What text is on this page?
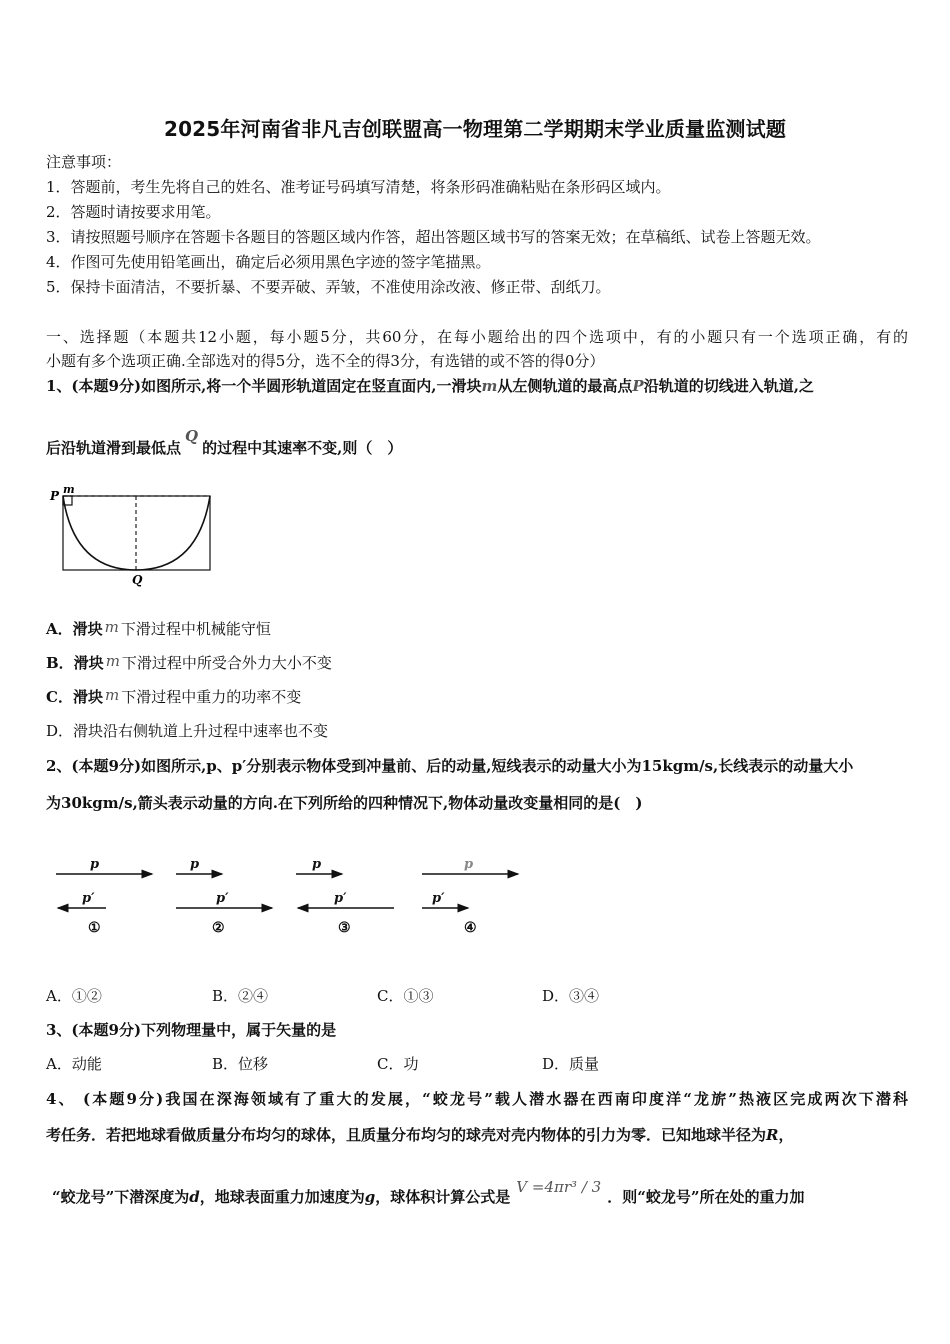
2025年河南省非凡吉创联盟高一物理第二学期期末学业质量监测试题
注意事项：
1．答题前，考生先将自己的姓名、准考证号码填写清楚，将条形码准确粘贴在条形码区域内。
2．答题时请按要求用笔。
3．请按照题号顺序在答题卡各题目的答题区域内作答，超出答题区域书写的答案无效；在草稿纸、试卷上答题无效。
4．作图可先使用铅笔画出，确定后必须用黑色字迹的签字笔描黑。
5．保持卡面清洁，不要折暴、不要弄破、弄皱，不准使用涂改液、修正带、刮纸刀。
一、选择题（本题共12小题，每小题5分，共60分，在每小题给出的四个选项中，有的小题只有一个选项正确，有的
小题有多个选项正确.全部选对的得5分，选不全的得3分，有选错的或不答的得0分）
1、(本题9分)如图所示,将一个半圆形轨道固定在竖直面内,一滑块m从左侧轨道的最高点P沿轨道的切线进入轨道,之
后沿轨道滑到最低点Q的过程中其速率不变,则（　）
P m
Q
A．滑块 m 下滑过程中机械能守恒
B．滑块 m 下滑过程中所受合外力大小不变
C．滑块 m 下滑过程中重力的功率不变
D．滑块沿右侧轨道上升过程中速率也不变
2、(本题9分)如图所示,p、p′分别表示物体受到冲量前、后的动量,短线表示的动量大小为15kgm/s,长线表示的动量大小
为30kgm/s,箭头表示动量的方向.在下列所给的四种情况下,物体动量改变量相同的是(　)
p
p′
①
p
p′
②
p
p′
③
p
p′
④
A．①②	B．②④	C．①③	D．③④
3、(本题9分)下列物理量中，属于矢量的是
A．动能	B．位移	C．功	D．质量
4、 (本题9分)我国在深海领域有了重大的发展，“蛟龙号”载人潜水器在西南印度洋“龙旂”热液区完成两次下潜科
考任务．若把地球看做质量分布均匀的球体，且质量分布均匀的球壳对壳内物体的引力为零．已知地球半径为R，
“蛟龙号”下潜深度为d，地球表面重力加速度为g，球体积计算公式是V =4πr³ / 3．则“蛟龙号”所在处的重力加
